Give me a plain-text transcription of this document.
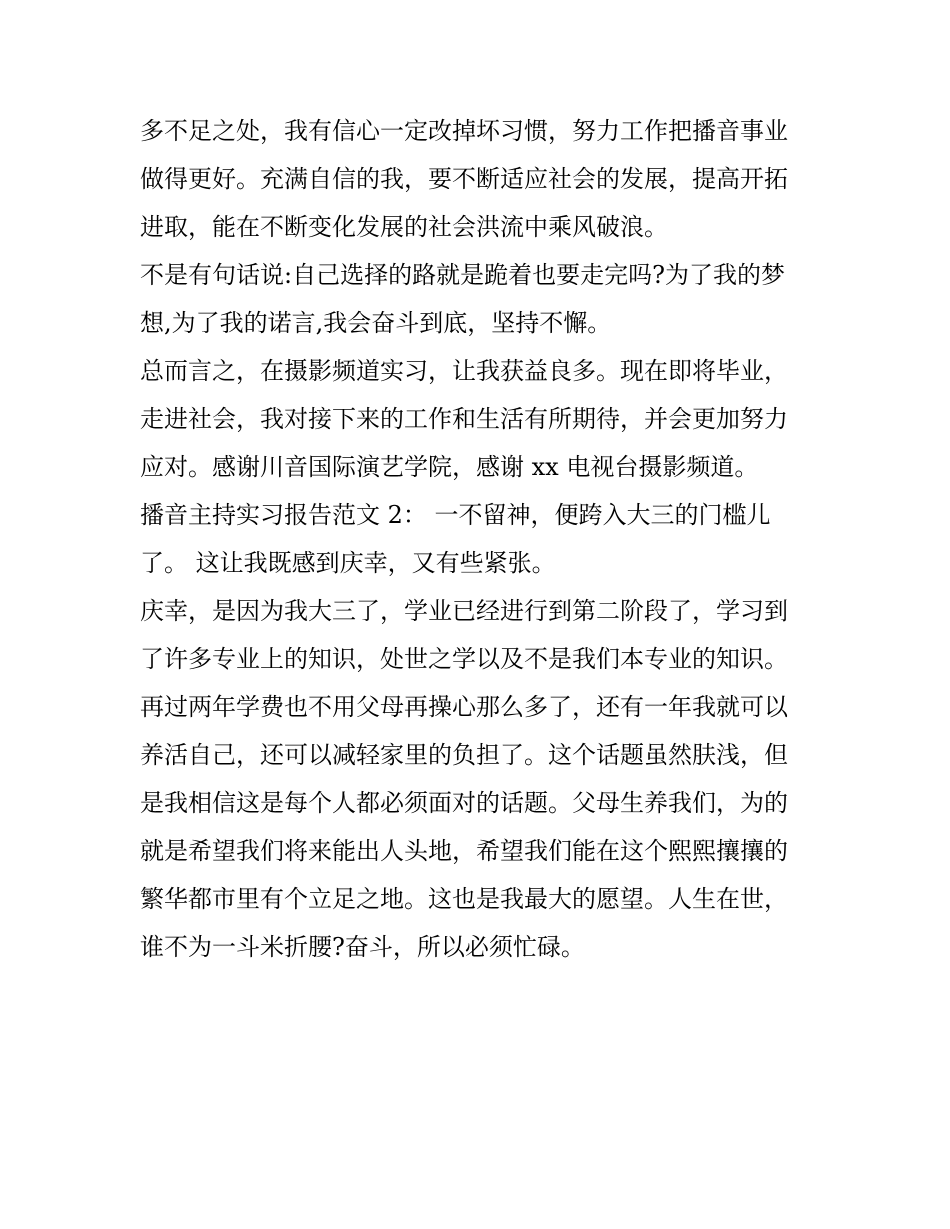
多不足之处，我有信心一定改掉坏习惯，努力工作把播音事业
做得更好。充满自信的我，要不断适应社会的发展，提高开拓
进取，能在不断变化发展的社会洪流中乘风破浪。

不是有句话说:自己选择的路就是跪着也要走完吗?为了我的梦
想,为了我的诺言,我会奋斗到底，坚持不懈。

总而言之，在摄影频道实习，让我获益良多。现在即将毕业，
走进社会，我对接下来的工作和生活有所期待，并会更加努力
应对。感谢川音国际演艺学院，感谢 xx 电视台摄影频道。

播音主持实习报告范文 2： 一不留神，便跨入大三的门槛儿
了。 这让我既感到庆幸，又有些紧张。

庆幸，是因为我大三了，学业已经进行到第二阶段了，学习到
了许多专业上的知识，处世之学以及不是我们本专业的知识。
再过两年学费也不用父母再操心那么多了，还有一年我就可以
养活自己，还可以减轻家里的负担了。这个话题虽然肤浅，但
是我相信这是每个人都必须面对的话题。父母生养我们，为的
就是希望我们将来能出人头地，希望我们能在这个熙熙攘攘的
繁华都市里有个立足之地。这也是我最大的愿望。人生在世，
谁不为一斗米折腰?奋斗，所以必须忙碌。
